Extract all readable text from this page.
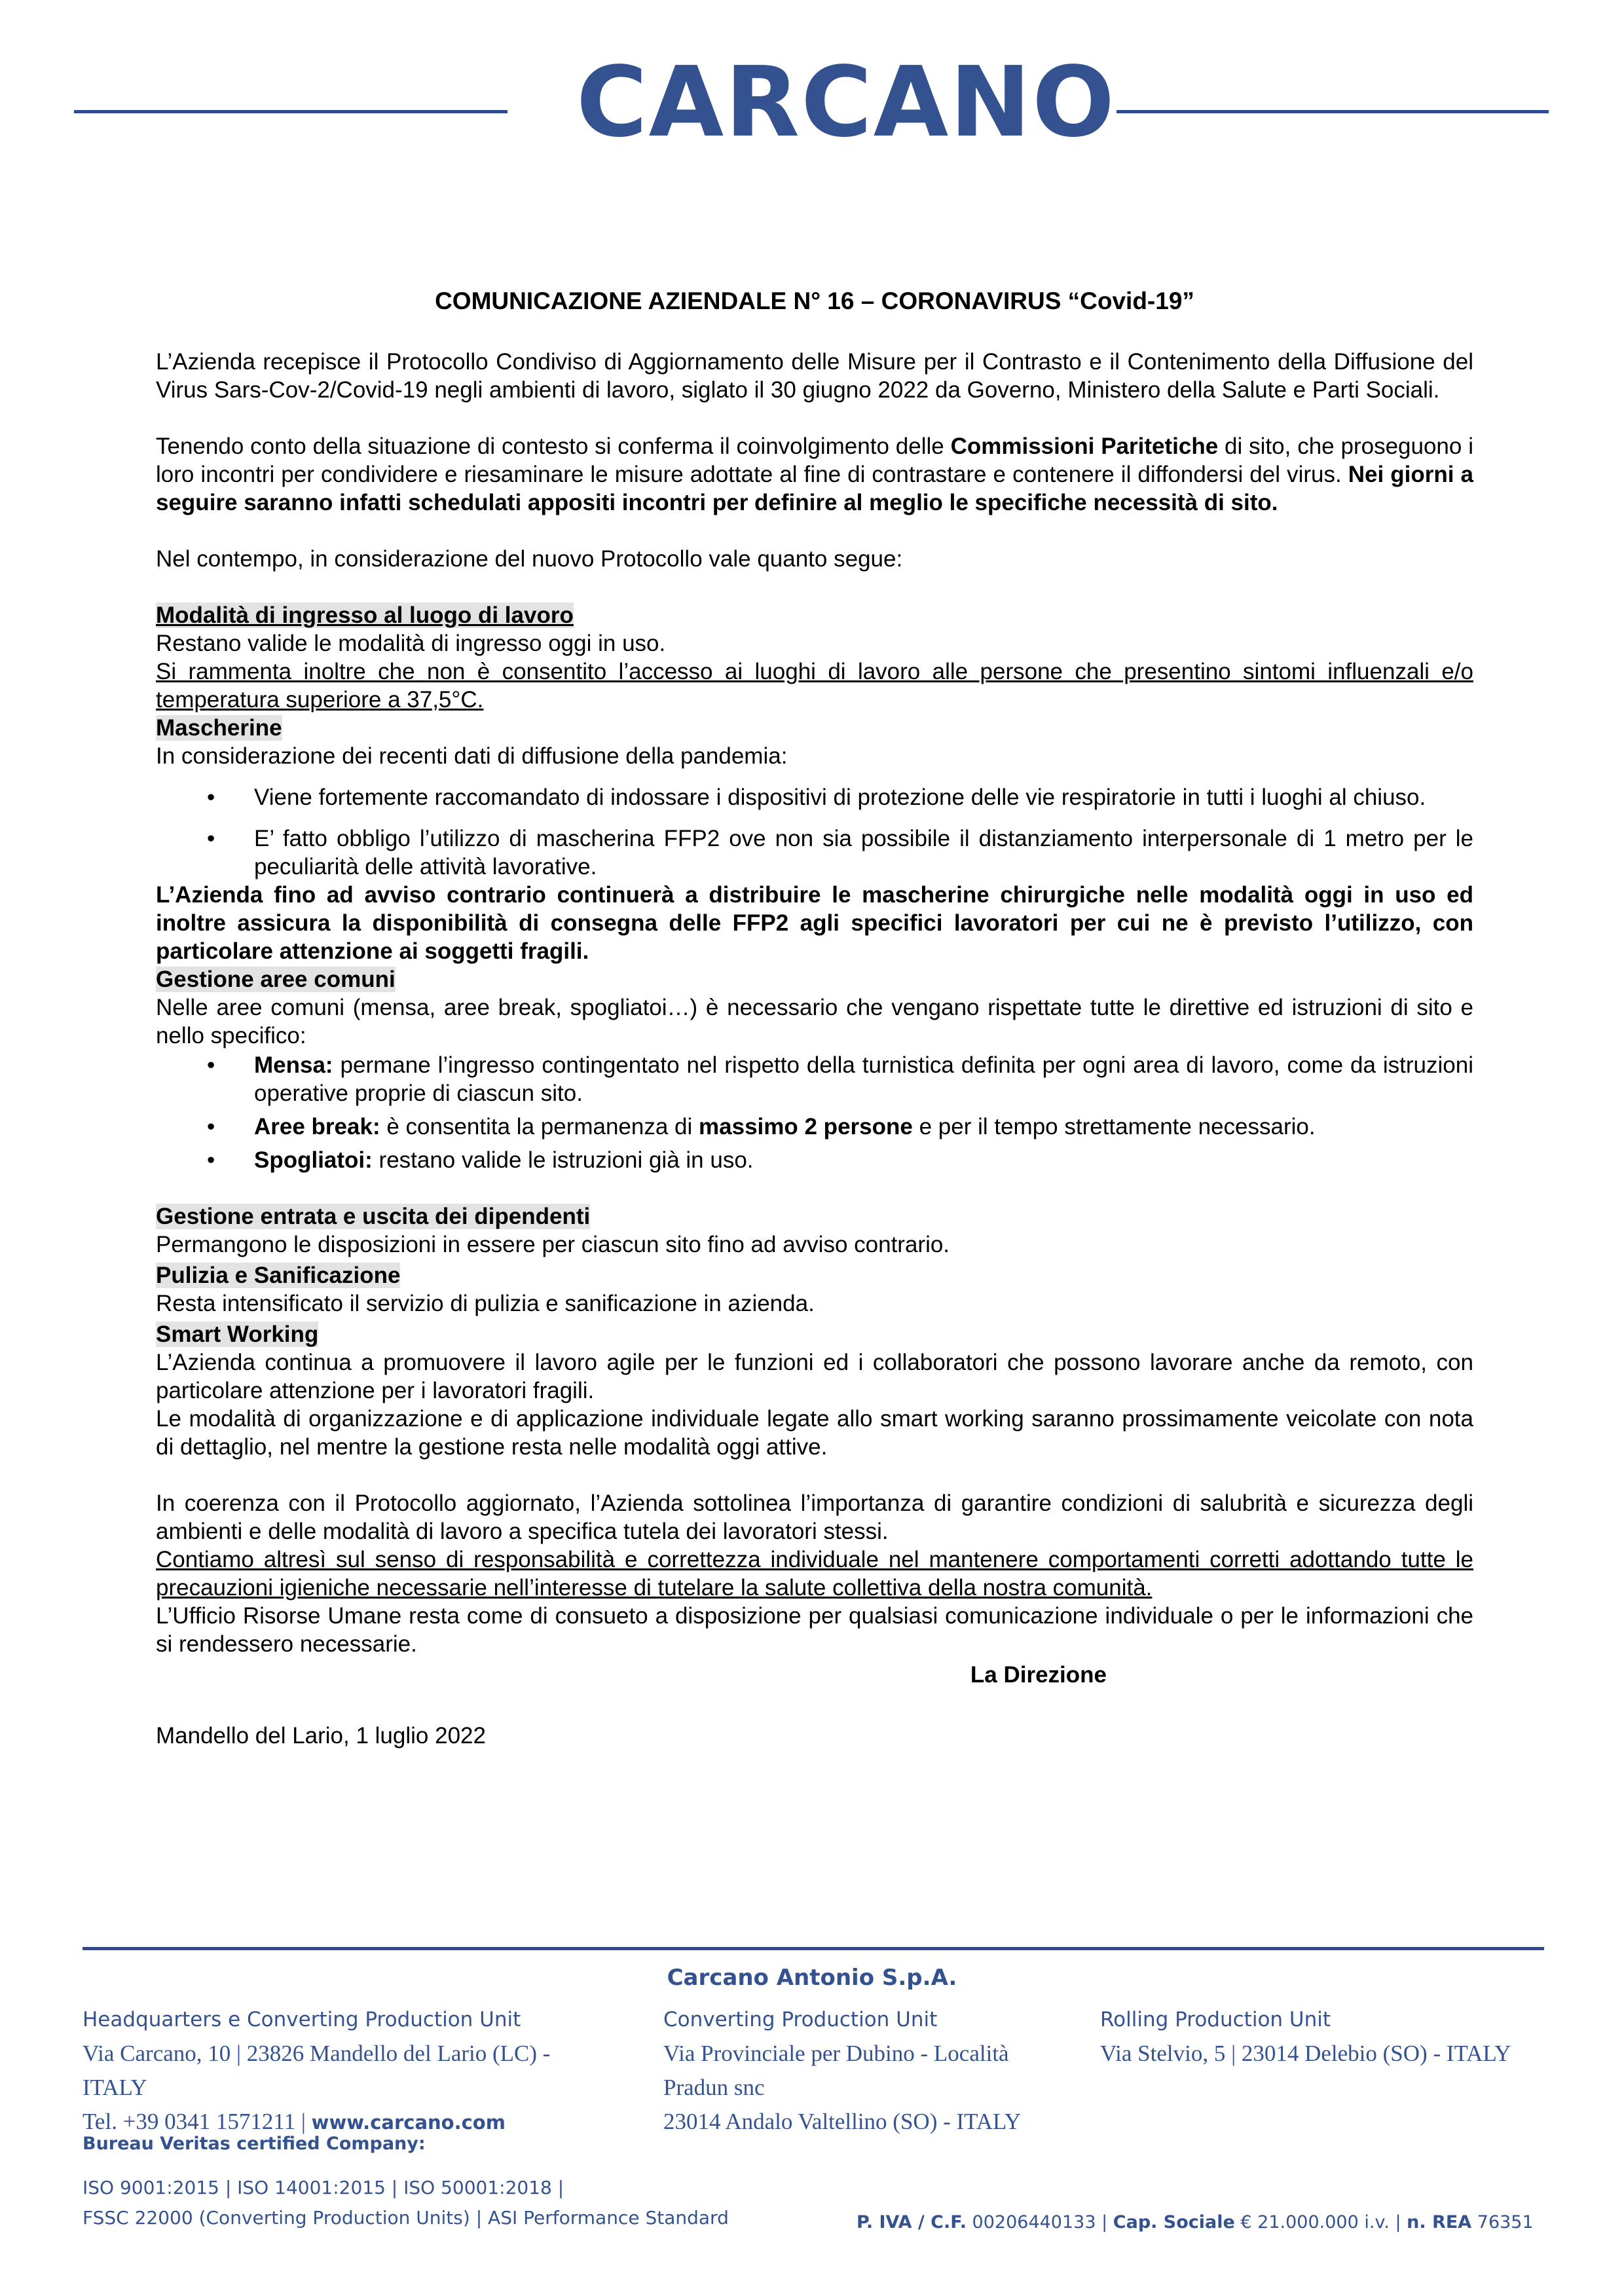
CARCANO
COMUNICAZIONE AZIENDALE N° 16 – CORONAVIRUS “Covid-19”

L’Azienda recepisce il Protocollo Condiviso di Aggiornamento delle Misure per il Contrasto e il Contenimento della Diffusione del Virus Sars-Cov-2/Covid-19 negli ambienti di lavoro, siglato il 30 giugno 2022 da Governo, Ministero della Salute e Parti Sociali.

Tenendo conto della situazione di contesto si conferma il coinvolgimento delle Commissioni Paritetiche di sito, che proseguono i loro incontri per condividere e riesaminare le misure adottate al fine di contrastare e contenere il diffondersi del virus. Nei giorni a seguire saranno infatti schedulati appositi incontri per definire al meglio le specifiche necessità di sito.

Nel contempo, in considerazione del nuovo Protocollo vale quanto segue:

Modalità di ingresso al luogo di lavoro

Restano valide le modalità di ingresso oggi in uso.

Si rammenta inoltre che non è consentito l’accesso ai luoghi di lavoro alle persone che presentino sintomi influenzali e/o temperatura superiore a 37,5°C.

Mascherine

In considerazione dei recenti dati di diffusione della pandemia:

• Viene fortemente raccomandato di indossare i dispositivi di protezione delle vie respiratorie in tutti i luoghi al chiuso.
• E’ fatto obbligo l’utilizzo di mascherina FFP2 ove non sia possibile il distanziamento interpersonale di 1 metro per le peculiarità delle attività lavorative.

L’Azienda fino ad avviso contrario continuerà a distribuire le mascherine chirurgiche nelle modalità oggi in uso ed inoltre assicura la disponibilità di consegna delle FFP2 agli specifici lavoratori per cui ne è previsto l’utilizzo, con particolare attenzione ai soggetti fragili.

Gestione aree comuni

Nelle aree comuni (mensa, aree break, spogliatoi…) è necessario che vengano rispettate tutte le direttive ed istruzioni di sito e nello specifico:

• Mensa: permane l’ingresso contingentato nel rispetto della turnistica definita per ogni area di lavoro, come da istruzioni operative proprie di ciascun sito.
• Aree break: è consentita la permanenza di massimo 2 persone e per il tempo strettamente necessario.
• Spogliatoi: restano valide le istruzioni già in uso.

Gestione entrata e uscita dei dipendenti

Permangono le disposizioni in essere per ciascun sito fino ad avviso contrario.

Pulizia e Sanificazione

Resta intensificato il servizio di pulizia e sanificazione in azienda.

Smart Working

L’Azienda continua a promuovere il lavoro agile per le funzioni ed i collaboratori che possono lavorare anche da remoto, con particolare attenzione per i lavoratori fragili.

Le modalità di organizzazione e di applicazione individuale legate allo smart working saranno prossimamente veicolate con nota di dettaglio, nel mentre la gestione resta nelle modalità oggi attive.

In coerenza con il Protocollo aggiornato, l’Azienda sottolinea l’importanza di garantire condizioni di salubrità e sicurezza degli ambienti e delle modalità di lavoro a specifica tutela dei lavoratori stessi.

Contiamo altresì sul senso di responsabilità e correttezza individuale nel mantenere comportamenti corretti adottando tutte le precauzioni igieniche necessarie nell’interesse di tutelare la salute collettiva della nostra comunità.

L’Ufficio Risorse Umane resta come di consueto a disposizione per qualsiasi comunicazione individuale o per le informazioni che si rendessero necessarie.

La Direzione

Mandello del Lario, 1 luglio 2022

Carcano Antonio S.p.A.
Headquarters e Converting Production Unit
Via Carcano, 10 | 23826 Mandello del Lario (LC) -
ITALY
Tel. +39 0341 1571211 | www.carcano.com
Converting Production Unit
Via Provinciale per Dubino - Località
Pradun snc
23014 Andalo Valtellino (SO) - ITALY
Rolling Production Unit
Via Stelvio, 5 | 23014 Delebio (SO) - ITALY
Bureau Veritas certified Company:
ISO 9001:2015 | ISO 14001:2015 | ISO 50001:2018 |
FSSC 22000 (Converting Production Units) | ASI Performance Standard	P. IVA / C.F. 00206440133 | Cap. Sociale € 21.000.000 i.v. | n. REA 76351
